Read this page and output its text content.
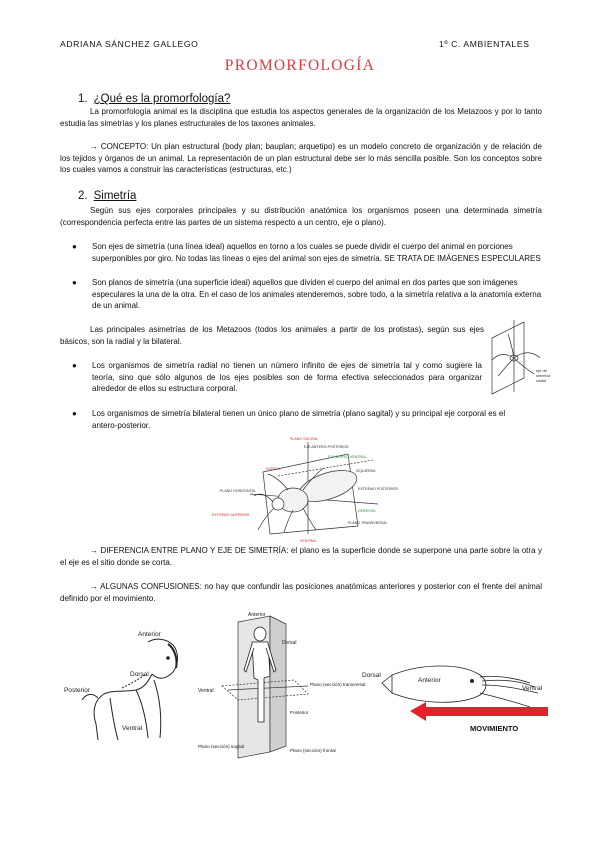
ADRIANA SÁNCHEZ GALLEGO	1º C. AMBIENTALES
PROMORFOLOGÍA
1. ¿Qué es la promorfología?
La promorfología animal es la disciplina que estudia los aspectos generales de la organización de los Metazoos y por lo tanto estudia las simetrías y los planes estructurales de los taxones animales.
→ CONCEPTO: Un plan estructural (body plan; bauplan; arquetipo) es un modelo concreto de organización y de relación de los tejidos y órganos de un animal. La representación de un plan estructural debe ser lo más sencilla posible. Son los conceptos sobre los cuales vamos a construir las características (estructuras, etc.)
2. Simetría
Según sus ejes corporales principales y su distribución anatómica los organismos poseen una determinada simetría (correspondencia perfecta entre las partes de un sistema respecto a un centro, eje o plano).
● Son ejes de simetría (una línea ideal) aquellos en torno a los cuales se puede dividir el cuerpo del animal en porciones superponibles por giro. No todas las líneas o ejes del animal son ejes de simetría. SE TRATA DE IMÁGENES ESPECULARES
● Son planos de simetría (una superficie ideal) aquellos que dividen el cuerpo del animal en dos partes que son imágenes especulares la una de la otra. En el caso de los animales atenderemos, sobre todo, a la simetría relativa a la anatomía externa de un animal.
Las principales asimetrías de los Metazoos (todos los animales a partir de los protistas), según sus ejes básicos, son la radial y la bilateral.
● Los organismos de simetría radial no tienen un número infinito de ejes de simetría tal y como sugiere la teoría, sino que sólo algunos de los ejes posibles son de forma efectiva seleccionados para organizar alrededor de ellos su estructura corporal.
● Los organismos de simetría bilateral tienen un único plano de simetría (plano sagital) y su principal eje corporal es el antero-posterior.
eje de
simetría
radial
PLANO SAGITAL
EJE ANTERO-POSTERIOR
EJE DORSO-VENTRAL
DORSAL	IZQUIERDA
PLANO HORIZONTAL
EXTREMO ANTERIOR
EXTREMO POSTERIOR
PLANO TRANSVERSAL
DERECHA
VENTRAL
→ DIFERENCIA ENTRE PLANO Y EJE DE SIMETRÍA: el plano es la superficie donde se superpone una parte sobre la otra y el eje es el sitio donde se corta.
→ ALGUNAS CONFUSIONES: no hay que confundir las posiciones anatómicas anteriores y posterior con el frente del animal definido por el movimiento.
Anterior
Dorsal
Posterior
Ventral
Anterior
Dorsal
Ventral
Plano (sección) transversal
Plano (sección) sagital
Plano (sección) frontal
Posterior
Dorsal
Anterior
Ventral
MOVIMIENTO
